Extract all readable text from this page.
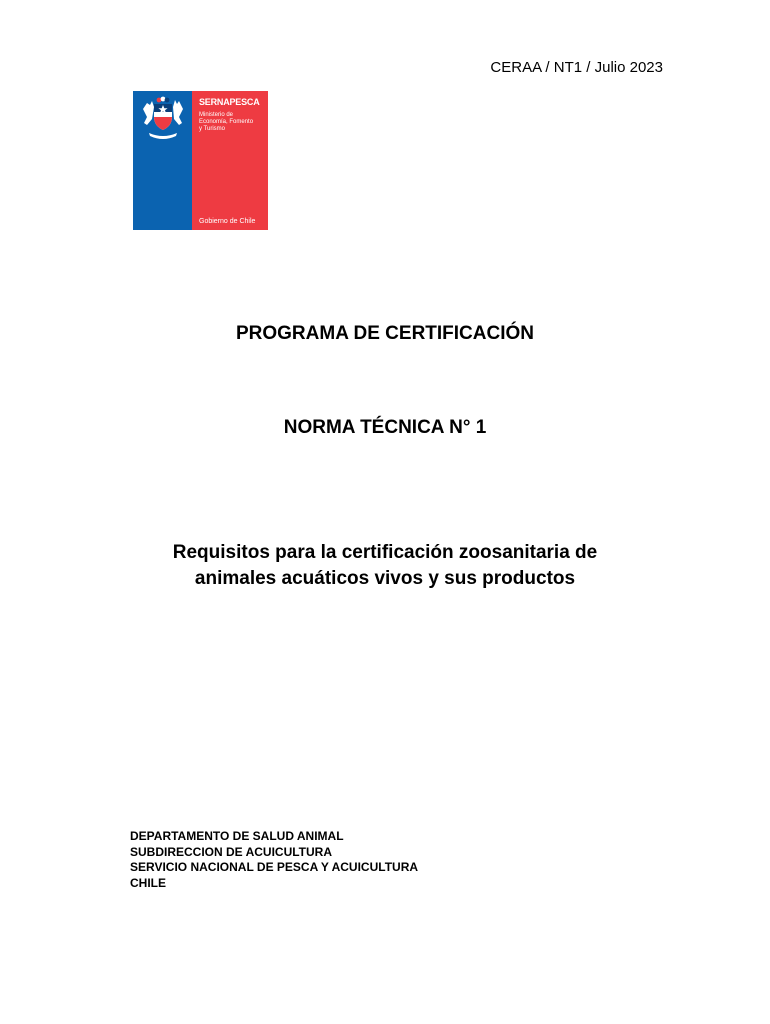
CERAA / NT1 / Julio 2023
SERNAPESCA
Ministerio de
Economía, Fomento
y Turismo
Gobierno de Chile
PROGRAMA DE CERTIFICACIÓN
NORMA TÉCNICA N° 1
Requisitos para la certificación zoosanitaria de
animales acuáticos vivos y sus productos
DEPARTAMENTO DE SALUD ANIMAL
SUBDIRECCION DE ACUICULTURA
SERVICIO NACIONAL DE PESCA Y ACUICULTURA
CHILE
